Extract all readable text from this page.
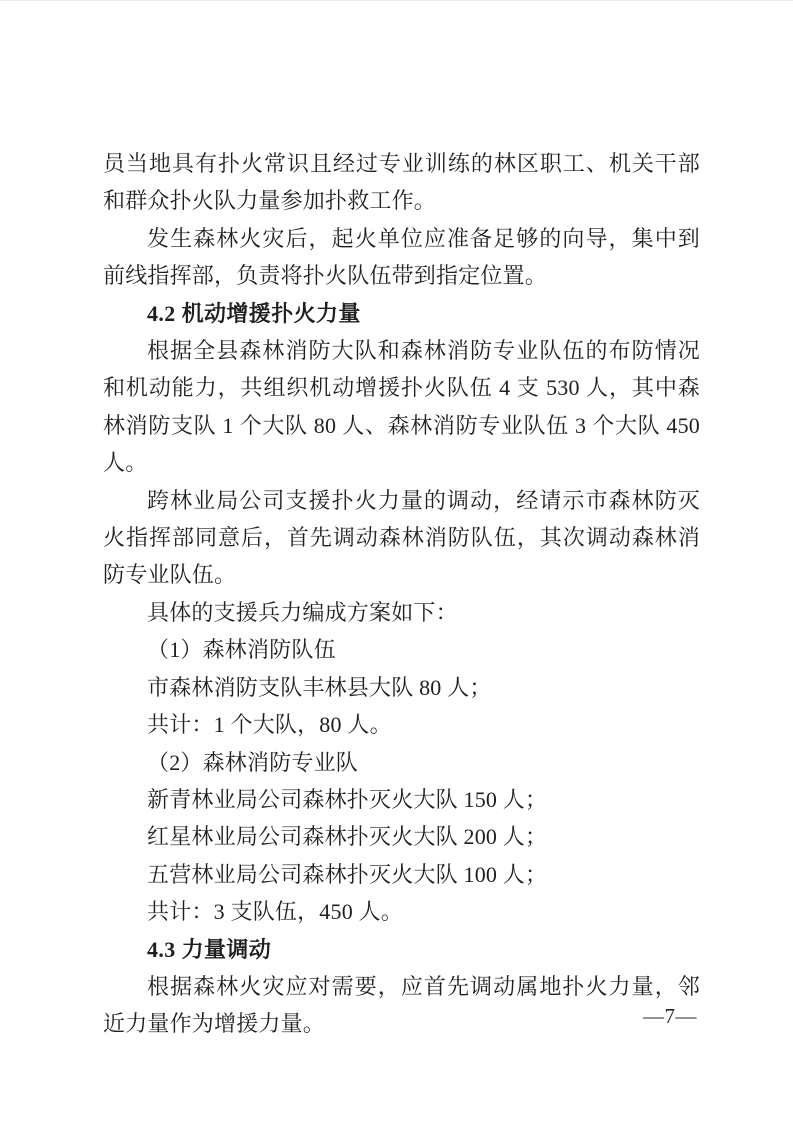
员当地具有扑火常识且经过专业训练的林区职工、机关干部和群众扑火队力量参加扑救工作。

发生森林火灾后，起火单位应准备足够的向导，集中到前线指挥部，负责将扑火队伍带到指定位置。

4.2 机动增援扑火力量

根据全县森林消防大队和森林消防专业队伍的布防情况和机动能力，共组织机动增援扑火队伍 4 支 530 人，其中森林消防支队 1 个大队 80 人、森林消防专业队伍 3 个大队 450 人。

跨林业局公司支援扑火力量的调动，经请示市森林防灭火指挥部同意后，首先调动森林消防队伍，其次调动森林消防专业队伍。

具体的支援兵力编成方案如下：

（1）森林消防队伍

市森林消防支队丰林县大队 80 人；

共计：1 个大队，80 人。

（2）森林消防专业队

新青林业局公司森林扑灭火大队 150 人；

红星林业局公司森林扑灭火大队 200 人；

五营林业局公司森林扑灭火大队 100 人；

共计：3 支队伍，450 人。

4.3 力量调动

根据森林火灾应对需要，应首先调动属地扑火力量，邻近力量作为增援力量。	—7—
